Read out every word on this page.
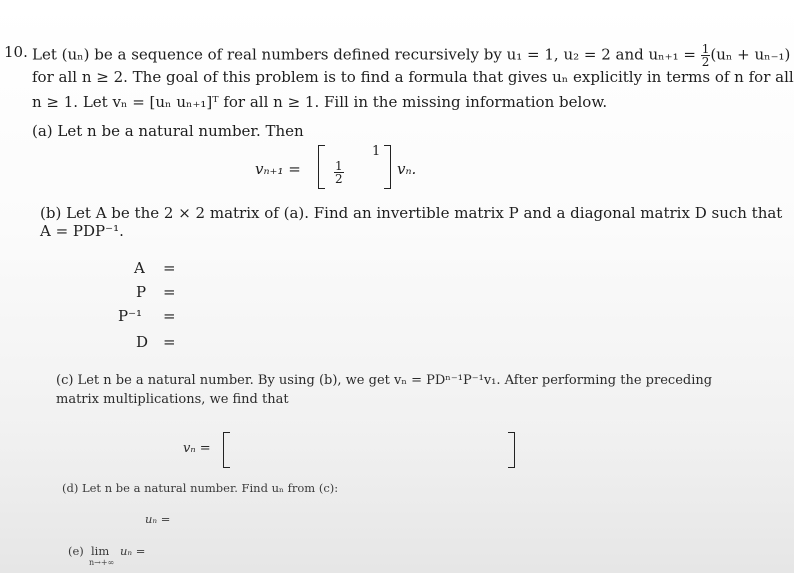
10. Let (uₙ) be a sequence of real numbers defined recursively by u₁ = 1, u₂ = 2 and $u_{n+1} = \frac{1}{2} (u_n + u_{n-1})$
for all n ≥ 2. The goal of this problem is to find a formula that gives uₙ explicitly in terms of n for all
n ≥ 1. Let vₙ = [uₙ uₙ₊₁]ᵀ for all n ≥ 1. Fill in the missing information below.
(a) Let n be a natural number. Then
vₙ₊₁ =
1
$\frac{1}{2}$	vₙ.
(b) Let A be the 2 × 2 matrix of (a). Find an invertible matrix P and a diagonal matrix D such that
A = PDP⁻¹.
A =
P =
P⁻¹ =
D =
(c) Let n be a natural number. By using (b), we get vₙ = PDⁿ⁻¹P⁻¹v₁. After performing the preceding
matrix multiplications, we find that
vₙ =
(d) Let n be a natural number. Find uₙ from (c):
uₙ =
(e) lim
n→+∞
uₙ =
